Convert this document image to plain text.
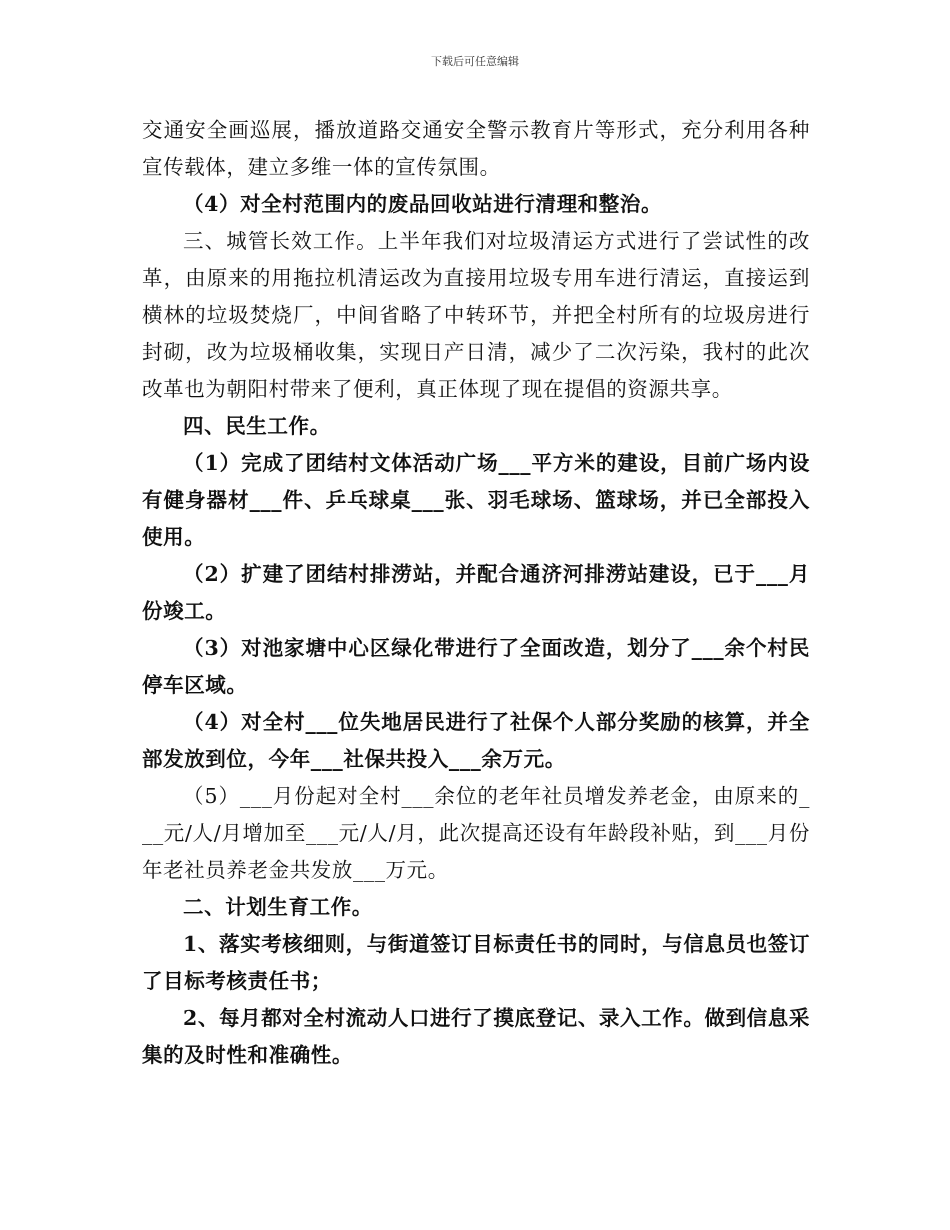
下载后可任意编辑

交通安全画巡展，播放道路交通安全警示教育片等形式，充分利用各种宣传载体，建立多维一体的宣传氛围。

（4）对全村范围内的废品回收站进行清理和整治。

三、城管长效工作。上半年我们对垃圾清运方式进行了尝试性的改革，由原来的用拖拉机清运改为直接用垃圾专用车进行清运，直接运到横林的垃圾焚烧厂，中间省略了中转环节，并把全村所有的垃圾房进行封砌，改为垃圾桶收集，实现日产日清，减少了二次污染，我村的此次改革也为朝阳村带来了便利，真正体现了现在提倡的资源共享。

四、民生工作。

（1）完成了团结村文体活动广场___平方米的建设，目前广场内设有健身器材___件、乒乓球桌___张、羽毛球场、篮球场，并已全部投入使用。

（2）扩建了团结村排涝站，并配合通济河排涝站建设，已于___月份竣工。

（3）对池家塘中心区绿化带进行了全面改造，划分了___余个村民停车区域。

（4）对全村___位失地居民进行了社保个人部分奖励的核算，并全部发放到位，今年___社保共投入___余万元。

（5）___月份起对全村___余位的老年社员增发养老金，由原来的___元/人/月增加至___元/人/月，此次提高还设有年龄段补贴，到___月份年老社员养老金共发放___万元。

二、计划生育工作。

1、落实考核细则，与街道签订目标责任书的同时，与信息员也签订了目标考核责任书；

2、每月都对全村流动人口进行了摸底登记、录入工作。做到信息采集的及时性和准确性。
